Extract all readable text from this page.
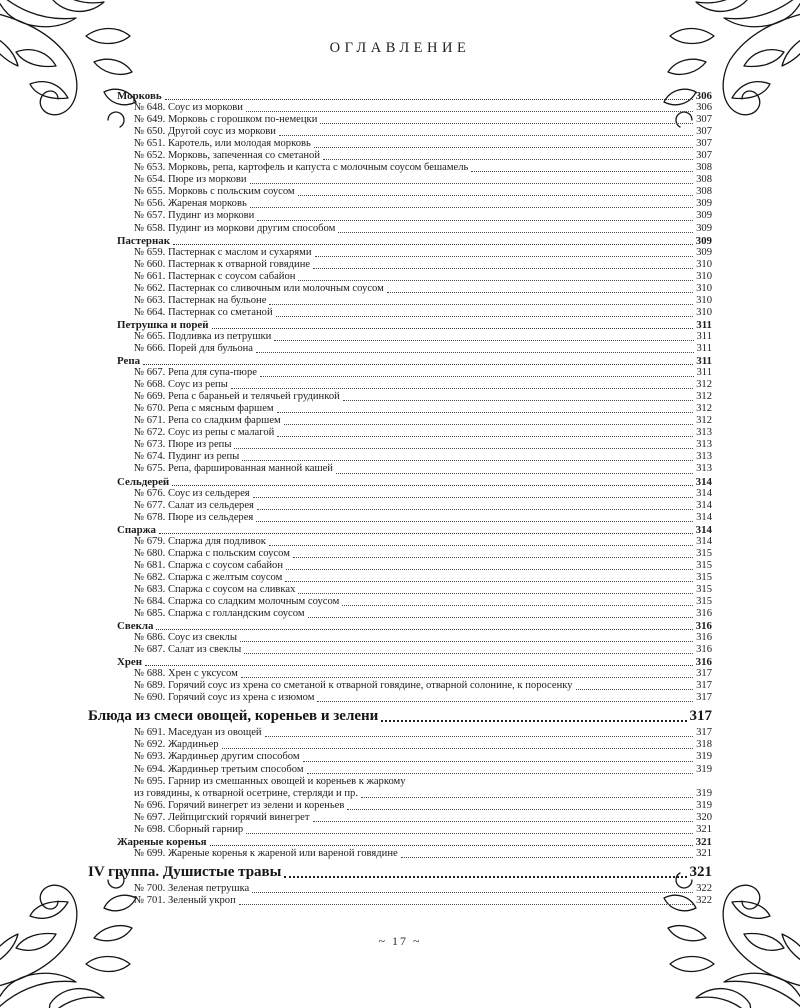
ОГЛАВЛЕНИЕ
Морковь	306
№ 648. Соус из моркови	306
№ 649. Морковь с горошком по-немецки	307
№ 650. Другой соус из моркови	307
№ 651. Каротель, или молодая морковь	307
№ 652. Морковь, запеченная со сметаной	307
№ 653. Морковь, репа, картофель и капуста с молочным соусом бешамель	308
№ 654. Пюре из моркови	308
№ 655. Морковь с польским соусом	308
№ 656. Жареная морковь	309
№ 657. Пудинг из моркови	309
№ 658. Пудинг из моркови другим способом	309
Пастернак	309
№ 659. Пастернак с маслом и сухарями	309
№ 660. Пастернак к отварной говядине	310
№ 661. Пастернак с соусом сабайон	310
№ 662. Пастернак со сливочным или молочным соусом	310
№ 663. Пастернак на бульоне	310
№ 664. Пастернак со сметаной	310
Петрушка и порей	311
№ 665. Подливка из петрушки	311
№ 666. Порей для бульона	311
Репа	311
№ 667. Репа для супа-пюре	311
№ 668. Соус из репы	312
№ 669. Репа с бараньей и телячьей грудинкой	312
№ 670. Репа с мясным фаршем	312
№ 671. Репа со сладким фаршем	312
№ 672. Соус из репы с малагой	313
№ 673. Пюре из репы	313
№ 674. Пудинг из репы	313
№ 675. Репа, фаршированная манной кашей	313
Сельдерей	314
№ 676. Соус из сельдерея	314
№ 677. Салат из сельдерея	314
№ 678. Пюре из сельдерея	314
Спаржа	314
№ 679. Спаржа для подливок	314
№ 680. Спаржа с польским соусом	315
№ 681. Спаржа с соусом сабайон	315
№ 682. Спаржа с желтым соусом	315
№ 683. Спаржа с соусом на сливках	315
№ 684. Спаржа со сладким молочным соусом	315
№ 685. Спаржа с голландским соусом	316
Свекла	316
№ 686. Соус из свеклы	316
№ 687. Салат из свеклы	316
Хрен	316
№ 688. Хрен с уксусом	317
№ 689. Горячий соус из хрена со сметаной к отварной говядине, отварной солонине, к поросенку	317
№ 690. Горячий соус из хрена с изюмом	317
Блюда из смеси овощей, кореньев и зелени	317
№ 691. Маседуан из овощей	317
№ 692. Жардиньер	318
№ 693. Жардиньер другим способом	319
№ 694. Жардиньер третьим способом	319
№ 695. Гарнир из смешанных овощей и кореньев к жаркому
из говядины, к отварной осетрине, стерляди и пр.	319
№ 696. Горячий винегрет из зелени и кореньев	319
№ 697. Лейпцигский горячий винегрет	320
№ 698. Сборный гарнир	321
Жареные коренья	321
№ 699. Жареные коренья к жареной или вареной говядине	321
IV группа. Душистые травы	321
№ 700. Зеленая петрушка	322
№ 701. Зеленый укроп	322
~ 17 ~
